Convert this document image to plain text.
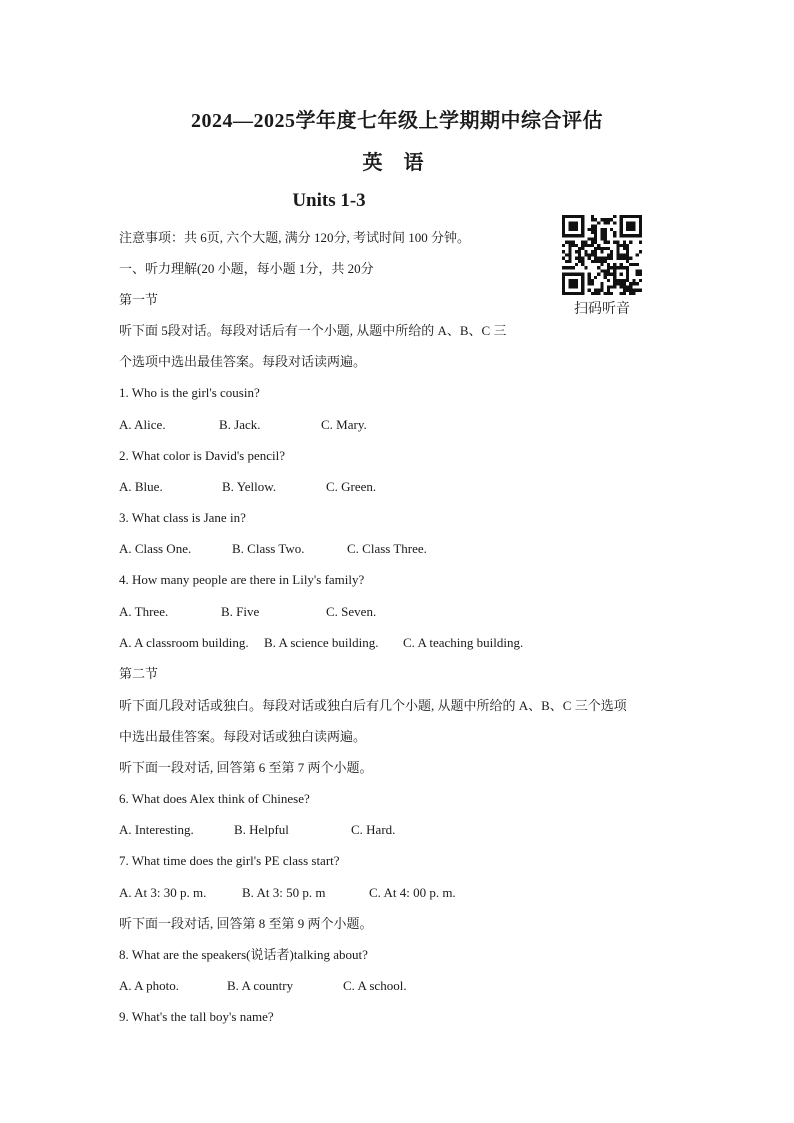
2024—2025学年度七年级上学期期中综合评估
英 语
Units 1-3
注意事项：共 6页, 六个大题, 满分 120分, 考试时间 100 分钟。
一、听力理解(20 小题，每小题 1分，共 20分
第一节
听下面 5段对话。每段对话后有一个小题, 从题中所给的 A、B、C 三
个选项中选出最佳答案。每段对话读两遍。
1. Who is the girl's cousin?
A. Alice.	B. Jack.	C. Mary.
2. What color is David's pencil?
A. Blue.	B. Yellow.	C. Green.
3. What class is Jane in?
A. Class One.	B. Class Two.	C. Class Three.
4. How many people are there in Lily's family?
A. Three.	B. Five	C. Seven.
A. A classroom building. B. A science building. C. A teaching building.
第二节
听下面几段对话或独白。每段对话或独白后有几个小题, 从题中所给的 A、B、C 三个选项
中选出最佳答案。每段对话或独白读两遍。
听下面一段对话, 回答第 6 至第 7 两个小题。
6. What does Alex think of Chinese?
A. Interesting.	B. Helpful	C. Hard.
7. What time does the girl's PE class start?
A. At 3: 30 p. m.	B. At 3: 50 p. m	C. At 4: 00 p. m.
听下面一段对话, 回答第 8 至第 9 两个小题。
8. What are the speakers(说话者)talking about?
A. A photo.	B. A country	C. A school.
9. What's the tall boy's name?
扫码听音
